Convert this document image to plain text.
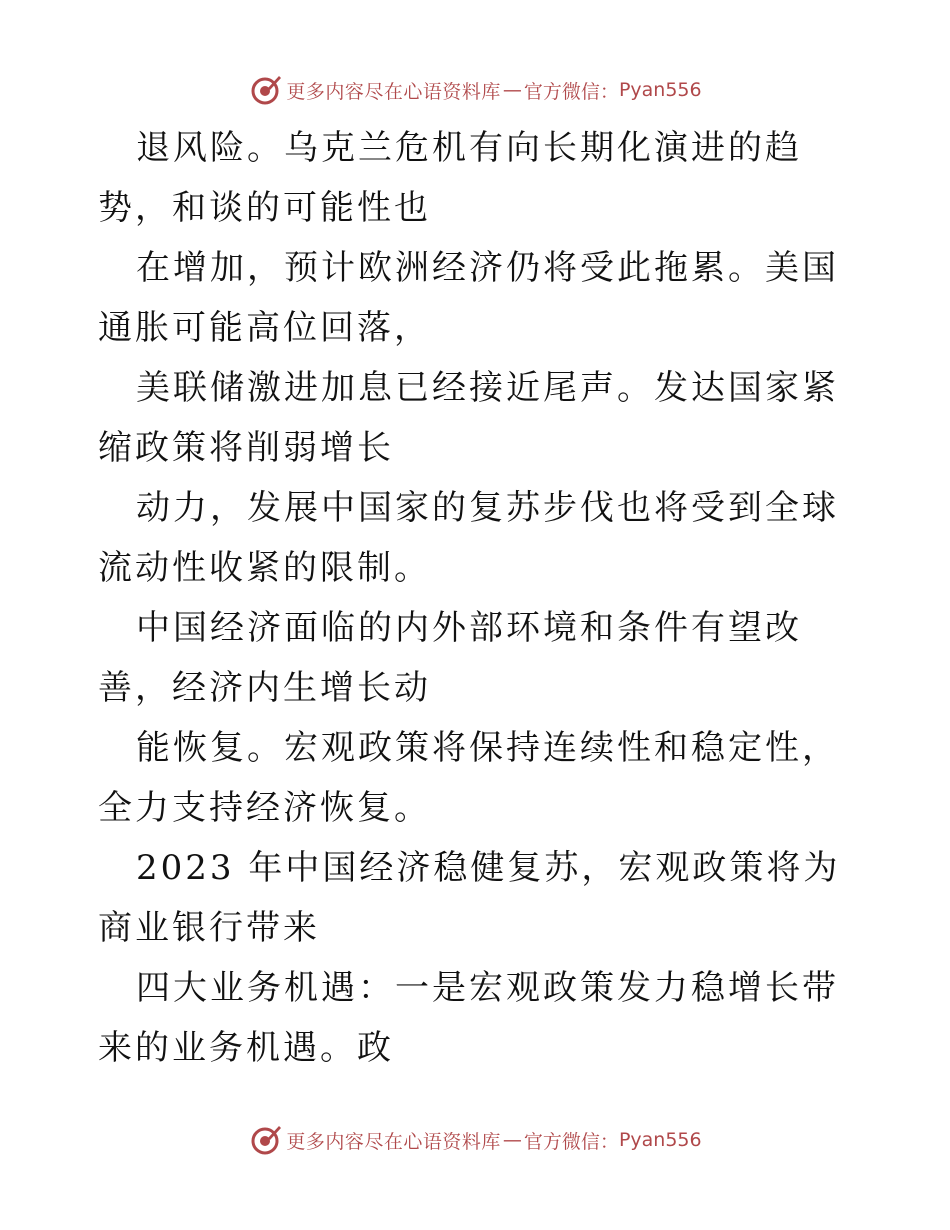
更多内容尽在心语资料库 — 官方微信： Pyan556

退风险。乌克兰危机有向长期化演进的趋势，和谈的可能性也

在增加，预计欧洲经济仍将受此拖累。美国通胀可能高位回落，

美联储激进加息已经接近尾声。发达国家紧缩政策将削弱增长

动力，发展中国家的复苏步伐也将受到全球流动性收紧的限制。

中国经济面临的内外部环境和条件有望改善，经济内生增长动

能恢复。宏观政策将保持连续性和稳定性，全力支持经济恢复。

2023 年中国经济稳健复苏，宏观政策将为商业银行带来

四大业务机遇：一是宏观政策发力稳增长带来的业务机遇。政

更多内容尽在心语资料库 — 官方微信： Pyan556
